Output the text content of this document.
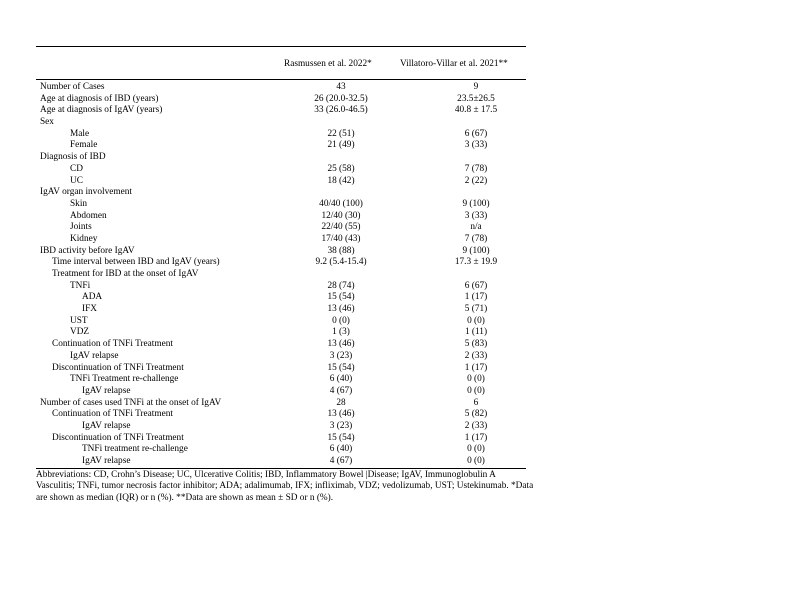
Rasmussen et al. 2022*	Villatoro-Villar et al. 2021**
Number of Cases	43	9
Age at diagnosis of IBD (years)	26 (20.0-32.5)	23.5±26.5
Age at diagnosis of IgAV (years)	33 (26.0-46.5)	40.8 ± 17.5
Sex
Male	22 (51)	6 (67)
Female	21 (49)	3 (33)
Diagnosis of IBD
CD	25 (58)	7 (78)
UC	18 (42)	2 (22)
IgAV organ involvement
Skin	40/40 (100)	9 (100)
Abdomen	12/40 (30)	3 (33)
Joints	22/40 (55)	n/a
Kidney	17/40 (43)	7 (78)
IBD activity before IgAV	38 (88)	9 (100)
Time interval between IBD and IgAV (years)	9.2 (5.4-15.4)	17.3 ± 19.9
Treatment for IBD at the onset of IgAV
TNFi	28 (74)	6 (67)
ADA	15 (54)	1 (17)
IFX	13 (46)	5 (71)
UST	0 (0)	0 (0)
VDZ	1 (3)	1 (11)
Continuation of TNFi Treatment	13 (46)	5 (83)
IgAV relapse	3 (23)	2 (33)
Discontinuation of TNFi Treatment	15 (54)	1 (17)
TNFi Treatment re-challenge	6 (40)	0 (0)
IgAV relapse	4 (67)	0 (0)
Number of cases used TNFi at the onset of IgAV	28	6
Continuation of TNFi Treatment	13 (46)	5 (82)
IgAV relapse	3 (23)	2 (33)
Discontinuation of TNFi Treatment	15 (54)	1 (17)
TNFi treatment re-challenge	6 (40)	0 (0)
IgAV relapse	4 (67)	0 (0)
Abbreviations: CD, Crohn’s Disease; UC, Ulcerative Colitis; IBD, Inflammatory Bowel |Disease; IgAV, Immunoglobulin A Vasculitis; TNFi, tumor necrosis factor inhibitor; ADA; adalimumab, IFX; infliximab, VDZ; vedolizumab, UST; Ustekinumab. *Data are shown as median (IQR) or n (%). **Data are shown as mean ± SD or n (%).
